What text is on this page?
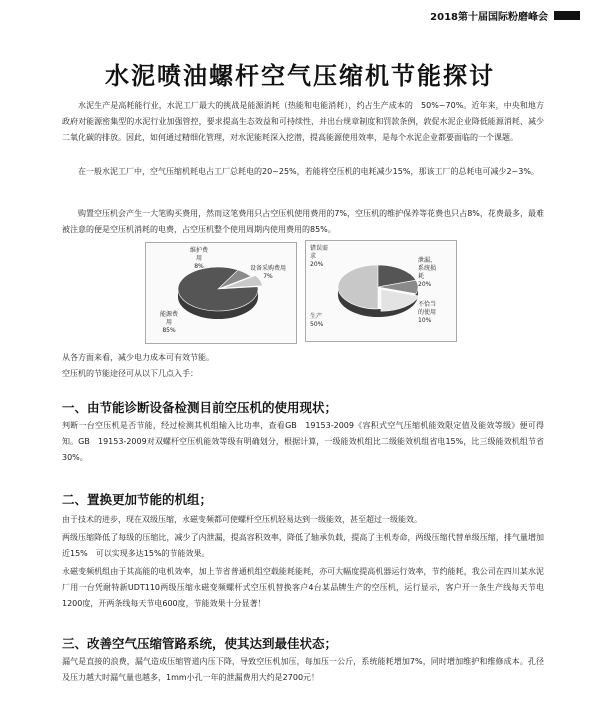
2018第十届国际粉磨峰会
水泥喷油螺杆空气压缩机节能探讨

水泥生产是高耗能行业，水泥工厂最大的挑战是能源消耗（热能和电能消耗），约占生产成本的　50%~70%。近年来，中央和地方政府对能源密集型的水泥行业加强管控，要求提高生态效益和可持续性，并出台规章制度和罚款条例，敦促水泥企业降低能源消耗、减少二氧化碳的排放。因此，如何通过精细化管理，对水泥能耗深入挖潜，提高能源使用效率，是每个水泥企业都要面临的一个课题。

在一般水泥工厂中，空气压缩机耗电占工厂总耗电的20~25%，若能将空压机的电耗减少15%，那该工厂的总耗电可减少2~3%。

购置空压机会产生一大笔购买费用，然而这笔费用只占空压机使用费用的7%，空压机的维护保养等花费也只占8%，花费最多，最难被注意的便是空压机消耗的电费，占空压机整个使用周期内使用费用的85%。

维护费
用
8%	设备采购费用
7%
能源费
用
85%
错误需
求
20%
泄漏、
系统损
耗
20%
不恰当
的使用
10%
生产
50%

从各方面来看，减少电力成本可有效节能。

空压机的节能途径可从以下几点入手：

一、由节能诊断设备检测目前空压机的使用现状；

判断一台空压机是否节能，经过检测其机组输入比功率，查看GB　19153-2009《容积式空气压缩机能效限定值及能效等级》便可得知。GB　19153-2009对双螺杆空压机能效等级有明确划分，根据计算，一级能效机组比二级能效机组省电15%，比三级能效机组节省30%。

二、置换更加节能的机组；

由于技术的进步，现在双级压缩，永磁变频都可使螺杆空压机轻易达到一级能效，甚至超过一级能效。

两级压缩降低了每级的压缩比，减少了内泄漏，提高容积效率，降低了轴承负载，提高了主机寿命，两级压缩代替单级压缩，排气量增加近15%　可以实现多达15%的节能效果。

永磁变频机组由于其高能的电机效率，加上节省普通机组空载能耗能耗，亦可大幅度提高机器运行效率，节约能耗，我公司在四川某水泥厂用一台凭耐特新UDT110两级压缩永磁变频螺杆式空压机替换客户4台某品牌生产的空压机，运行显示，客户开一条生产线每天节电1200度，开两条线每天节电600度，节能效果十分显著！

三、改善空气压缩管路系统，使其达到最佳状态；

漏气是直接的浪费，漏气造成压缩管道内压下降，导致空压机加压，每加压一公斤，系统能耗增加7%，同时增加维护和维修成本。孔径及压力越大时漏气量也越多，1mm小孔一年的泄漏费用大约是2700元！
